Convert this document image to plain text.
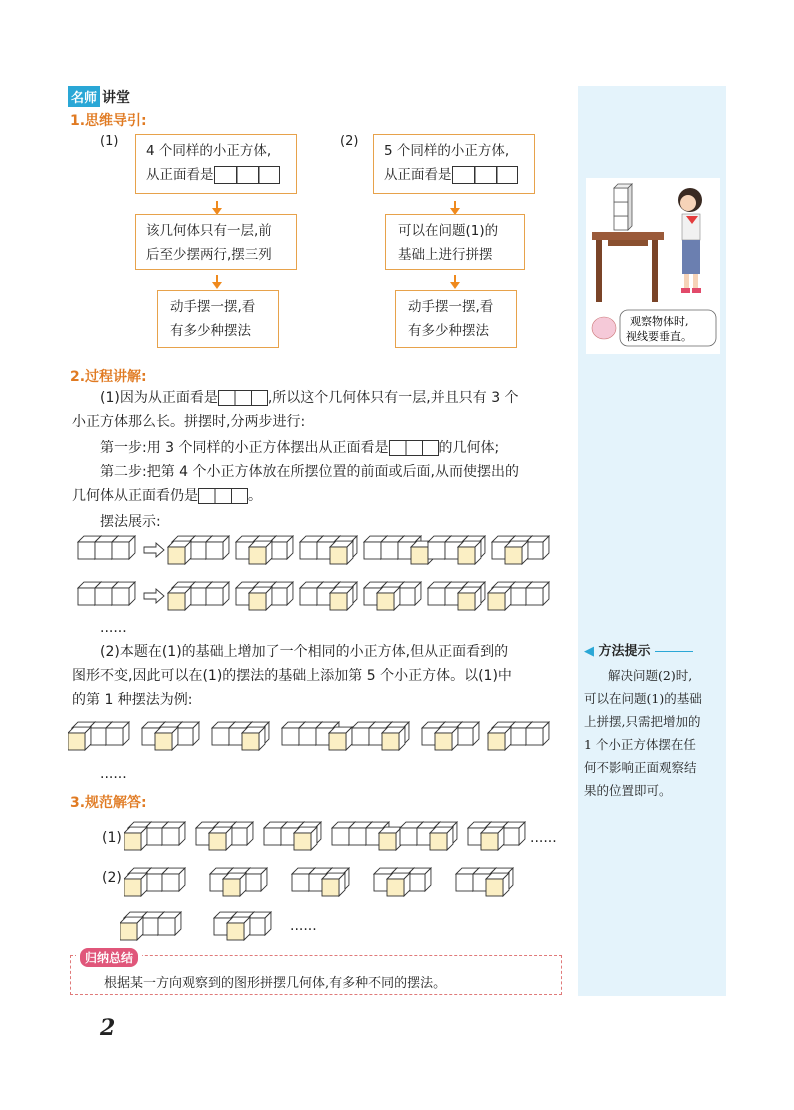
名师 讲堂
1.思维导引:
(1)
4 个同样的小正方体,
从正面看是
该几何体只有一层,前
后至少摆两行,摆三列
动手摆一摆,看
有多少种摆法
(2)
5 个同样的小正方体,
从正面看是
可以在问题(1)的
基础上进行拼摆
动手摆一摆,看
有多少种摆法
2.过程讲解:
(1)因为从正面看是	,所以这个几何体只有一层,并且只有 3 个
小正方体那么长。拼摆时,分两步进行:
第一步:用 3 个同样的小正方体摆出从正面看是	的几何体;
第二步:把第 4 个小正方体放在所摆位置的前面或后面,从而使摆出的
几何体从正面看仍是	。
摆法展示:
......
(2)本题在(1)的基础上增加了一个相同的小正方体,但从正面看到的
图形不变,因此可以在(1)的摆法的基础上添加第 5 个小正方体。以(1)中
的第 1 种摆法为例:
......
3.规范解答:
(1)	......
(2)
......
归纳总结
根据某一方向观察到的图形拼摆几何体,有多种不同的摆法。
观察物体时,
视线要垂直。
◀ 方法提示
解决问题(2)时,
可以在问题(1)的基础
上拼摆,只需把增加的
1 个小正方体摆在任
何不影响正面观察结
果的位置即可。
2
